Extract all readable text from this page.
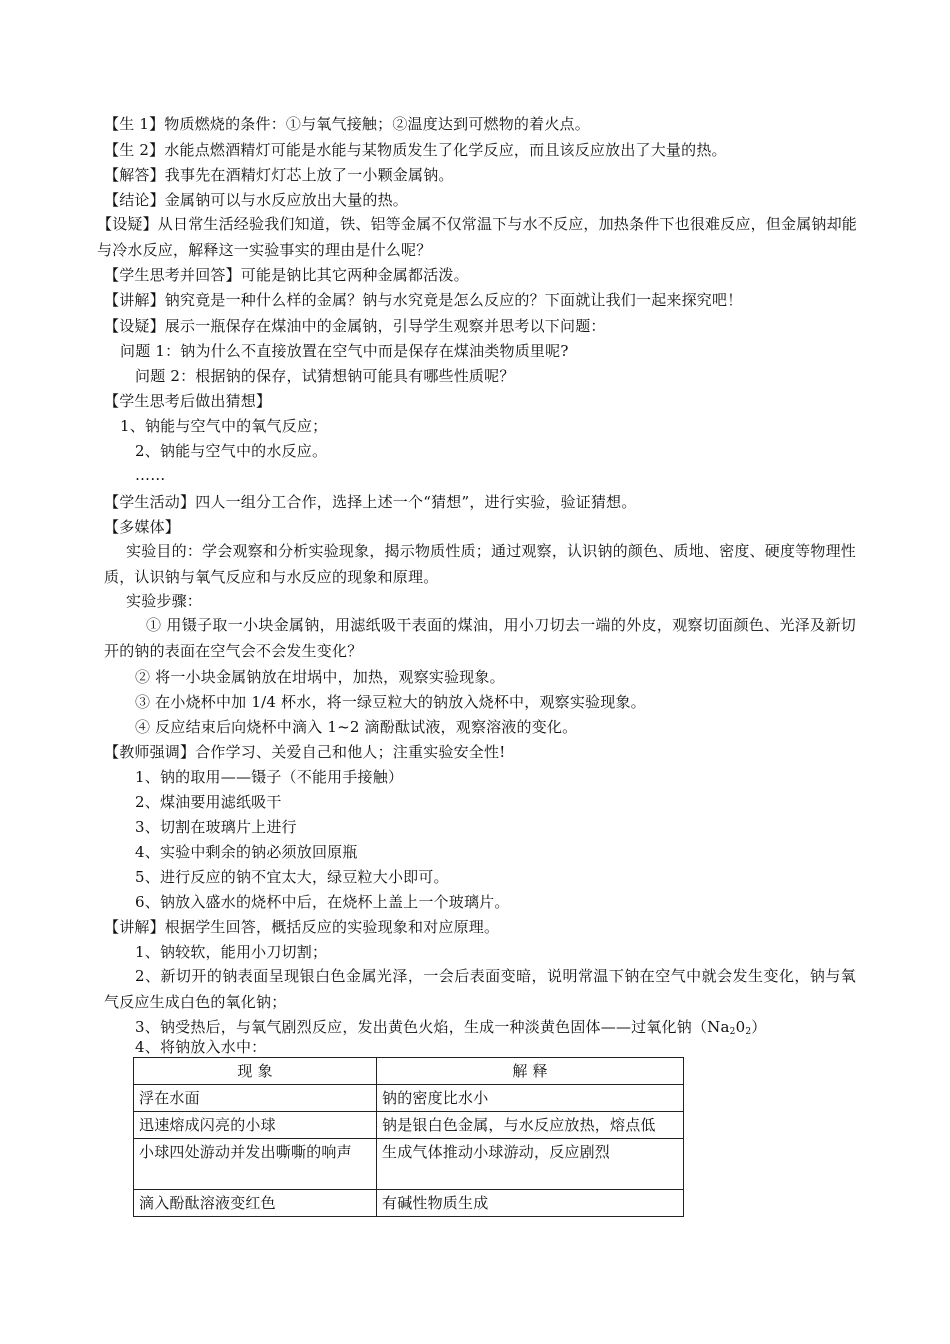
【生 1】物质燃烧的条件：①与氧气接触；②温度达到可燃物的着火点。
【生 2】水能点燃酒精灯可能是水能与某物质发生了化学反应，而且该反应放出了大量的热。
【解答】我事先在酒精灯灯芯上放了一小颗金属钠。
【结论】金属钠可以与水反应放出大量的热。
【设疑】从日常生活经验我们知道，铁、铝等金属不仅常温下与水不反应，加热条件下也很难反应，但金属钠却能与冷水反应，解释这一实验事实的理由是什么呢？
【学生思考并回答】可能是钠比其它两种金属都活泼。
【讲解】钠究竟是一种什么样的金属？钠与水究竟是怎么反应的？下面就让我们一起来探究吧！
【设疑】展示一瓶保存在煤油中的金属钠，引导学生观察并思考以下问题：
问题 1：钠为什么不直接放置在空气中而是保存在煤油类物质里呢?
问题 2：根据钠的保存，试猜想钠可能具有哪些性质呢？
【学生思考后做出猜想】
1、钠能与空气中的氧气反应；
2、钠能与空气中的水反应。
……
【学生活动】四人一组分工合作，选择上述一个“猜想”，进行实验，验证猜想。
【多媒体】
实验目的：学会观察和分析实验现象，揭示物质性质；通过观察，认识钠的颜色、质地、密度、硬度等物理性质，认识钠与氧气反应和与水反应的现象和原理。
实验步骤：
① 用镊子取一小块金属钠，用滤纸吸干表面的煤油，用小刀切去一端的外皮，观察切面颜色、光泽及新切开的钠的表面在空气会不会发生变化？
② 将一小块金属钠放在坩埚中，加热，观察实验现象。
③ 在小烧杯中加 1/4 杯水，将一绿豆粒大的钠放入烧杯中，观察实验现象。
④ 反应结束后向烧杯中滴入 1~2 滴酚酞试液，观察溶液的变化。
【教师强调】合作学习、关爱自己和他人；注重实验安全性!
1、钠的取用——镊子（不能用手接触）
2、煤油要用滤纸吸干
3、切割在玻璃片上进行
4、实验中剩余的钠必须放回原瓶
5、进行反应的钠不宜太大，绿豆粒大小即可。
6、钠放入盛水的烧杯中后，在烧杯上盖上一个玻璃片。
【讲解】根据学生回答，概括反应的实验现象和对应原理。
1、钠较软，能用小刀切割；
2、新切开的钠表面呈现银白色金属光泽，一会后表面变暗，说明常温下钠在空气中就会发生变化，钠与氧气反应生成白色的氧化钠；
3、钠受热后，与氧气剧烈反应，发出黄色火焰，生成一种淡黄色固体——过氧化钠$(Na_20_2)$
4、将钠放入水中：
现 象	解 释
浮在水面	钠的密度比水小
迅速熔成闪亮的小球	钠是银白色金属，与水反应放热，熔点低
小球四处游动并发出嘶嘶的响声	生成气体推动小球游动，反应剧烈
滴入酚酞溶液变红色	有碱性物质生成
